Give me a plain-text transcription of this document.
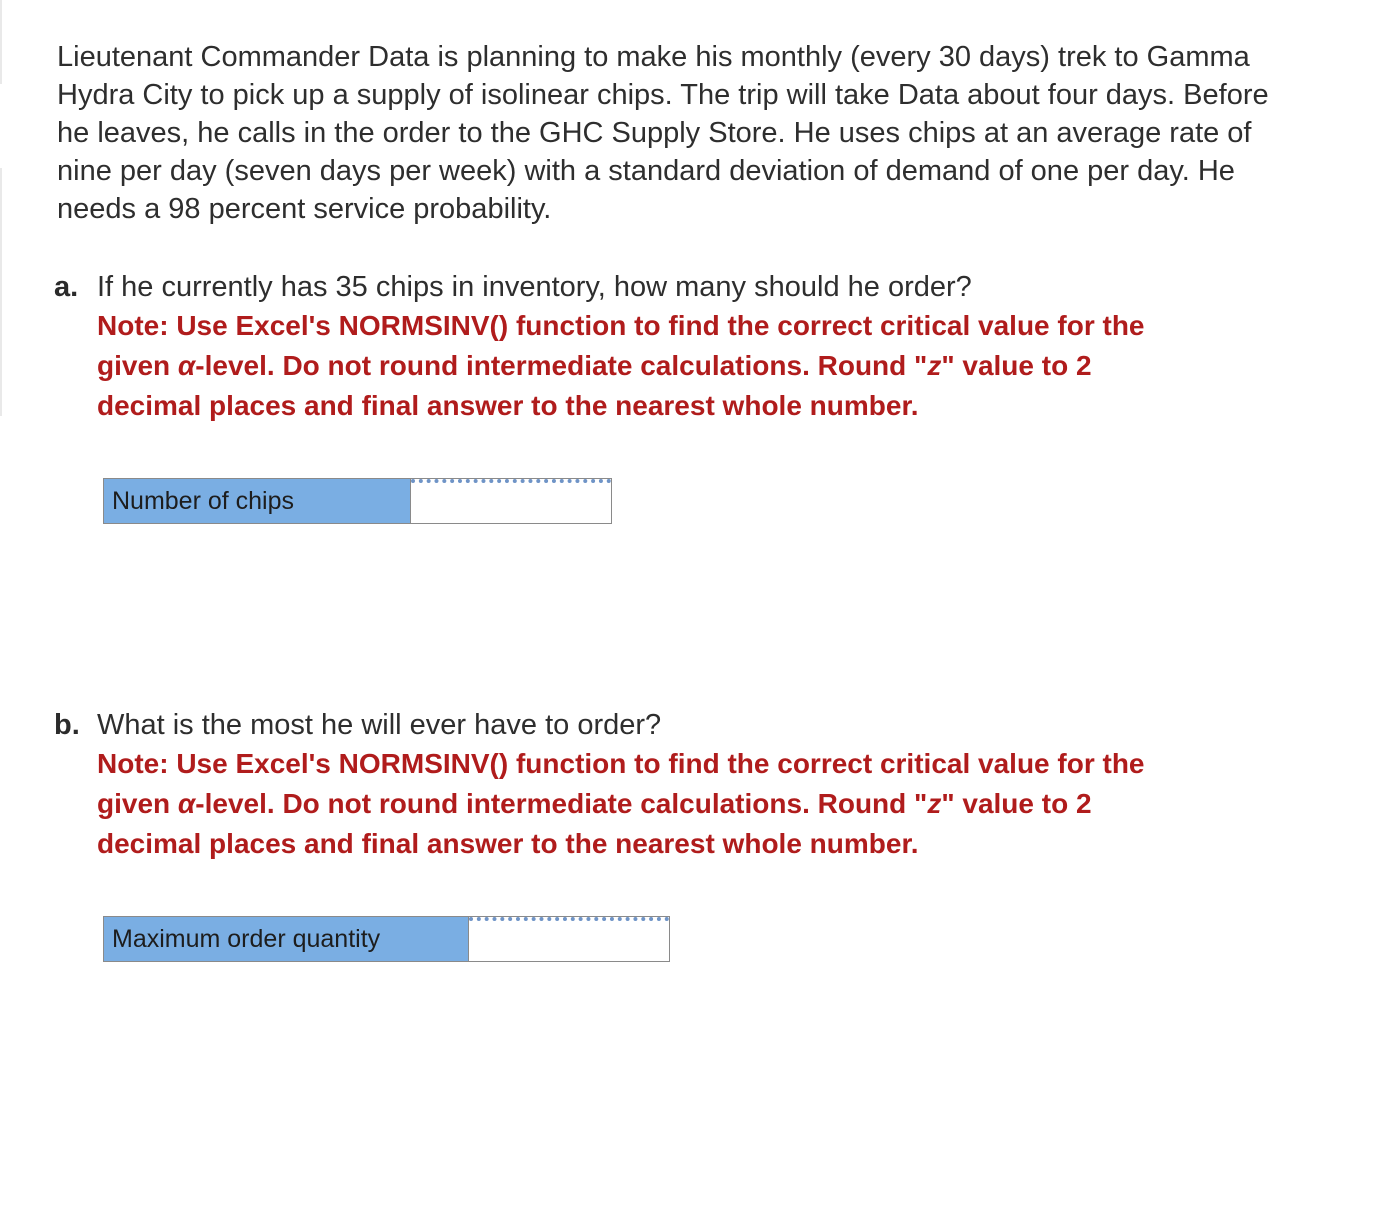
Lieutenant Commander Data is planning to make his monthly (every 30 days) trek to Gamma Hydra City to pick up a supply of isolinear chips. The trip will take Data about four days. Before he leaves, he calls in the order to the GHC Supply Store. He uses chips at an average rate of nine per day (seven days per week) with a standard deviation of demand of one per day. He needs a 98 percent service probability.

a. If he currently has 35 chips in inventory, how many should he order?
Note: Use Excel's NORMSINV() function to find the correct critical value for the
given α-level. Do not round intermediate calculations. Round "z" value to 2
decimal places and final answer to the nearest whole number.
Number of chips
b. What is the most he will ever have to order?
Note: Use Excel's NORMSINV() function to find the correct critical value for the
given α-level. Do not round intermediate calculations. Round "z" value to 2
decimal places and final answer to the nearest whole number.
Maximum order quantity
